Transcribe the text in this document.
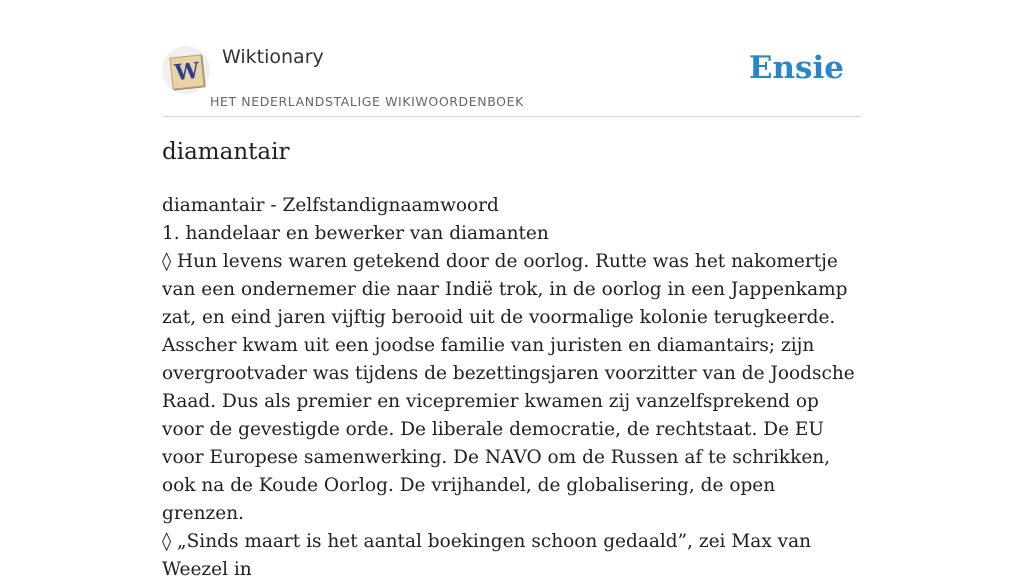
W
Wiktionary
HET NEDERLANDSTALIGE WIKIWOORDENBOEK
Ensie
diamantair

diamantair - Zelfstandignaamwoord

1. handelaar en bewerker van diamanten

◊ Hun levens waren getekend door de oorlog. Rutte was het nakomertje van een ondernemer die naar Indië trok, in de oorlog in een Jappenkamp zat, en eind jaren vijftig berooid uit de voormalige kolonie terugkeerde. Asscher kwam uit een joodse familie van juristen en diamantairs; zijn overgrootvader was tijdens de bezettingsjaren voorzitter van de Joodsche Raad. Dus als premier en vicepremier kwamen zij vanzelfsprekend op voor de gevestigde orde. De liberale democratie, de rechtstaat. De EU voor Europese samenwerking. De NAVO om de Russen af te schrikken, ook na de Koude Oorlog. De vrijhandel, de globalisering, de open grenzen.

◊ „Sinds maart is het aantal boekingen schoon gedaald”, zei Max van Weezel in
